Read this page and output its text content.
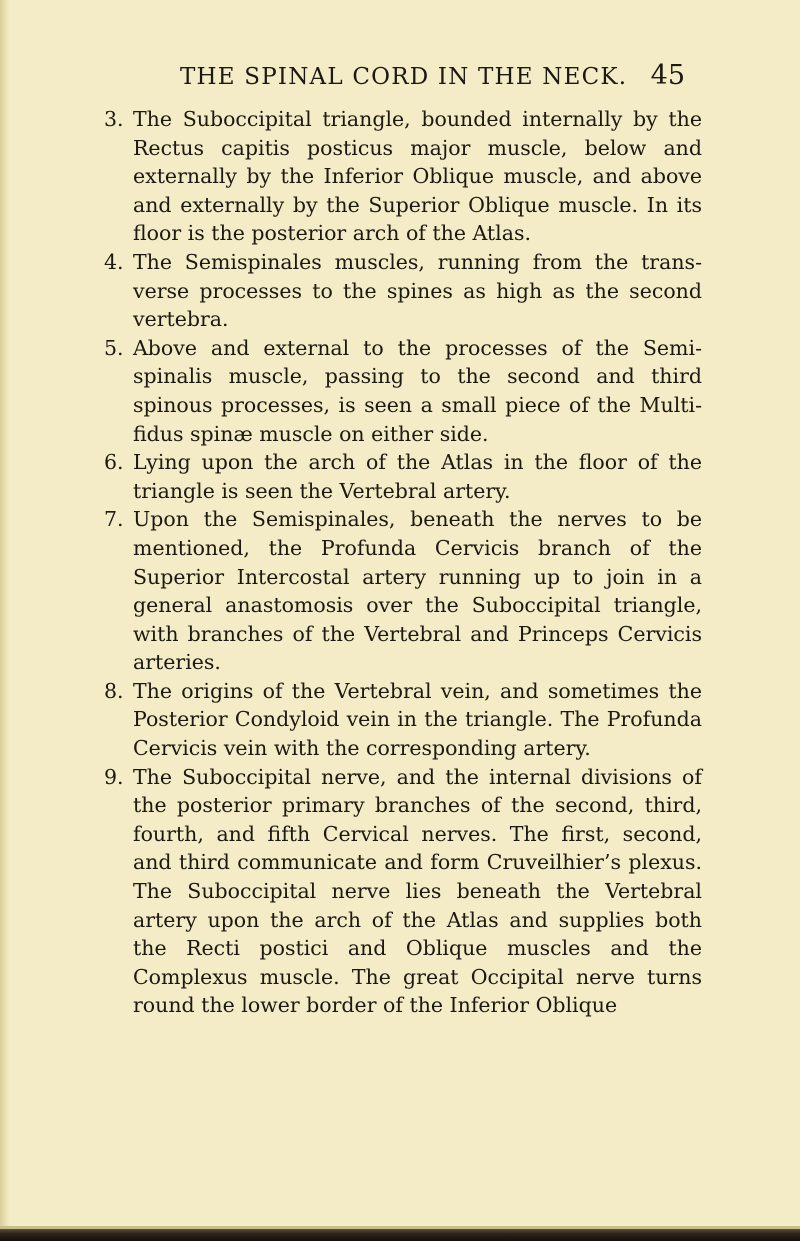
THE SPINAL CORD IN THE NECK. 45
3. The Suboccipital triangle, bounded internally by the Rectus capitis posticus major muscle, below and externally by the Inferior Oblique muscle, and above and externally by the Superior Oblique muscle. In its floor is the posterior arch of the Atlas.

4. The Semispinales muscles, running from the transverse processes to the spines as high as the second vertebra.

5. Above and external to the processes of the Semispinalis muscle, passing to the second and third spinous processes, is seen a small piece of the Multifidus spinæ muscle on either side.

6. Lying upon the arch of the Atlas in the floor of the triangle is seen the Vertebral artery.

7. Upon the Semispinales, beneath the nerves to be mentioned, the Profunda Cervicis branch of the Superior Intercostal artery running up to join in a general anastomosis over the Suboccipital triangle, with branches of the Vertebral and Princeps Cervicis arteries.

8. The origins of the Vertebral vein, and sometimes the Posterior Condyloid vein in the triangle. The Profunda Cervicis vein with the corresponding artery.

9. The Suboccipital nerve, and the internal divisions of the posterior primary branches of the second, third, fourth, and fifth Cervical nerves. The first, second, and third communicate and form Cruveilhier’s plexus. The Suboccipital nerve lies beneath the Vertebral artery upon the arch of the Atlas and supplies both the Recti postici and Oblique muscles and the Complexus muscle. The great Occipital nerve turns round the lower border of the Inferior Oblique
